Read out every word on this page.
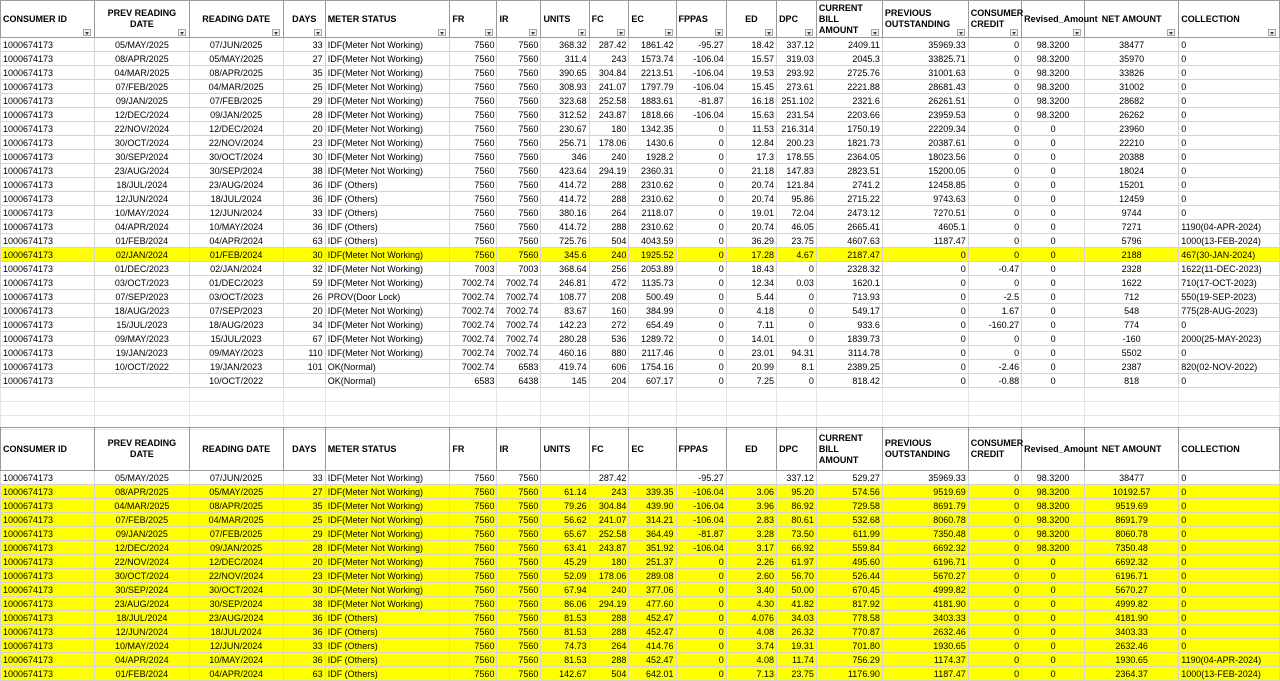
CONSUMER ID	PREV READING DATE	READING DATE	DAYS	METER STATUS	FR	IR	UNITS	FC	EC	FPPAS	ED	DPC	CURRENT BILL AMOUNT	PREVIOUS OUTSTANDING	CONSUMER CREDIT	Revised_Amount	NET AMOUNT	COLLECTION

1000674173	05/MAY/2025	07/JUN/2025	33	IDF(Meter Not Working)	7560	7560	368.32	287.42	1861.42	-95.27	18.42	337.12	2409.11	35969.33	0	98.3200	38477	0
1000674173	08/APR/2025	05/MAY/2025	27	IDF(Meter Not Working)	7560	7560	311.4	243	1573.74	-106.04	15.57	319.03	2045.3	33825.71	0	98.3200	35970	0
1000674173	04/MAR/2025	08/APR/2025	35	IDF(Meter Not Working)	7560	7560	390.65	304.84	2213.51	-106.04	19.53	293.92	2725.76	31001.63	0	98.3200	33826	0
1000674173	07/FEB/2025	04/MAR/2025	25	IDF(Meter Not Working)	7560	7560	308.93	241.07	1797.79	-106.04	15.45	273.61	2221.88	28681.43	0	98.3200	31002	0
1000674173	09/JAN/2025	07/FEB/2025	29	IDF(Meter Not Working)	7560	7560	323.68	252.58	1883.61	-81.87	16.18	251.102	2321.6	26261.51	0	98.3200	28682	0
1000674173	12/DEC/2024	09/JAN/2025	28	IDF(Meter Not Working)	7560	7560	312.52	243.87	1818.66	-106.04	15.63	231.54	2203.66	23959.53	0	98.3200	26262	0
1000674173	22/NOV/2024	12/DEC/2024	20	IDF(Meter Not Working)	7560	7560	230.67	180	1342.35	0	11.53	216.314	1750.19	22209.34	0	0	23960	0
1000674173	30/OCT/2024	22/NOV/2024	23	IDF(Meter Not Working)	7560	7560	256.71	178.06	1430.6	0	12.84	200.23	1821.73	20387.61	0	0	22210	0
1000674173	30/SEP/2024	30/OCT/2024	30	IDF(Meter Not Working)	7560	7560	346	240	1928.2	0	17.3	178.55	2364.05	18023.56	0	0	20388	0
1000674173	23/AUG/2024	30/SEP/2024	38	IDF(Meter Not Working)	7560	7560	423.64	294.19	2360.31	0	21.18	147.83	2823.51	15200.05	0	0	18024	0
1000674173	18/JUL/2024	23/AUG/2024	36	IDF (Others)	7560	7560	414.72	288	2310.62	0	20.74	121.84	2741.2	12458.85	0	0	15201	0
1000674173	12/JUN/2024	18/JUL/2024	36	IDF (Others)	7560	7560	414.72	288	2310.62	0	20.74	95.86	2715.22	9743.63	0	0	12459	0
1000674173	10/MAY/2024	12/JUN/2024	33	IDF (Others)	7560	7560	380.16	264	2118.07	0	19.01	72.04	2473.12	7270.51	0	0	9744	0
1000674173	04/APR/2024	10/MAY/2024	36	IDF (Others)	7560	7560	414.72	288	2310.62	0	20.74	46.05	2665.41	4605.1	0	0	7271	1190(04-APR-2024)
1000674173	01/FEB/2024	04/APR/2024	63	IDF (Others)	7560	7560	725.76	504	4043.59	0	36.29	23.75	4607.63	1187.47	0	0	5796	1000(13-FEB-2024)
1000674173	02/JAN/2024	01/FEB/2024	30	IDF(Meter Not Working)	7560	7560	345.6	240	1925.52	0	17.28	4.67	2187.47	0	0	0	2188	467(30-JAN-2024)
1000674173	01/DEC/2023	02/JAN/2024	32	IDF(Meter Not Working)	7003	7003	368.64	256	2053.89	0	18.43	0	2328.32	0	-0.47	0	2328	1622(11-DEC-2023)
1000674173	03/OCT/2023	01/DEC/2023	59	IDF(Meter Not Working)	7002.74	7002.74	246.81	472	1135.73	0	12.34	0.03	1620.1	0	0	0	1622	710(17-OCT-2023)
1000674173	07/SEP/2023	03/OCT/2023	26	PROV(Door Lock)	7002.74	7002.74	108.77	208	500.49	0	5.44	0	713.93	0	-2.5	0	712	550(19-SEP-2023)
1000674173	18/AUG/2023	07/SEP/2023	20	IDF(Meter Not Working)	7002.74	7002.74	83.67	160	384.99	0	4.18	0	549.17	0	1.67	0	548	775(28-AUG-2023)
1000674173	15/JUL/2023	18/AUG/2023	34	IDF(Meter Not Working)	7002.74	7002.74	142.23	272	654.49	0	7.11	0	933.6	0	-160.27	0	774	0
1000674173	09/MAY/2023	15/JUL/2023	67	IDF(Meter Not Working)	7002.74	7002.74	280.28	536	1289.72	0	14.01	0	1839.73	0	0	0	-160	2000(25-MAY-2023)
1000674173	19/JAN/2023	09/MAY/2023	110	IDF(Meter Not Working)	7002.74	7002.74	460.16	880	2117.46	0	23.01	94.31	3114.78	0	0	0	5502	0
1000674173	10/OCT/2022	19/JAN/2023	101	OK(Normal)	7002.74	6583	419.74	606	1754.16	0	20.99	8.1	2389.25	0	-2.46	0	2387	820(02-NOV-2022)
1000674173		10/OCT/2022		OK(Normal)	6583	6438	145	204	607.17	0	7.25	0	818.42	0	-0.88	0	818	0

CONSUMER ID	PREV READING DATE	READING DATE	DAYS	METER STATUS	FR	IR	UNITS	FC	EC	FPPAS	ED	DPC	CURRENT BILL AMOUNT	PREVIOUS OUTSTANDING	CONSUMER CREDIT	Revised_Amount	NET AMOUNT	COLLECTION

1000674173	05/MAY/2025	07/JUN/2025	33	IDF(Meter Not Working)	7560	7560		287.42		-95.27		337.12	529.27	35969.33	0	98.3200	38477	0
1000674173	08/APR/2025	05/MAY/2025	27	IDF(Meter Not Working)	7560	7560	61.14	243	339.35	-106.04	3.06	95.20	574.56	9519.69	0	98.3200	10192.57	0
1000674173	04/MAR/2025	08/APR/2025	35	IDF(Meter Not Working)	7560	7560	79.26	304.84	439.90	-106.04	3.96	86.92	729.58	8691.79	0	98.3200	9519.69	0
1000674173	07/FEB/2025	04/MAR/2025	25	IDF(Meter Not Working)	7560	7560	56.62	241.07	314.21	-106.04	2.83	80.61	532.68	8060.78	0	98.3200	8691.79	0
1000674173	09/JAN/2025	07/FEB/2025	29	IDF(Meter Not Working)	7560	7560	65.67	252.58	364.49	-81.87	3.28	73.50	611.99	7350.48	0	98.3200	8060.78	0
1000674173	12/DEC/2024	09/JAN/2025	28	IDF(Meter Not Working)	7560	7560	63.41	243.87	351.92	-106.04	3.17	66.92	559.84	6692.32	0	98.3200	7350.48	0
1000674173	22/NOV/2024	12/DEC/2024	20	IDF(Meter Not Working)	7560	7560	45.29	180	251.37	0	2.26	61.97	495.60	6196.71	0	0	6692.32	0
1000674173	30/OCT/2024	22/NOV/2024	23	IDF(Meter Not Working)	7560	7560	52.09	178.06	289.08	0	2.60	56.70	526.44	5670.27	0	0	6196.71	0
1000674173	30/SEP/2024	30/OCT/2024	30	IDF(Meter Not Working)	7560	7560	67.94	240	377.06	0	3.40	50.00	670.45	4999.82	0	0	5670.27	0
1000674173	23/AUG/2024	30/SEP/2024	38	IDF(Meter Not Working)	7560	7560	86.06	294.19	477.60	0	4.30	41.82	817.92	4181.90	0	0	4999.82	0
1000674173	18/JUL/2024	23/AUG/2024	36	IDF (Others)	7560	7560	81.53	288	452.47	0	4.076	34.03	778.58	3403.33	0	0	4181.90	0
1000674173	12/JUN/2024	18/JUL/2024	36	IDF (Others)	7560	7560	81.53	288	452.47	0	4.08	26.32	770.87	2632.46	0	0	3403.33	0
1000674173	10/MAY/2024	12/JUN/2024	33	IDF (Others)	7560	7560	74.73	264	414.76	0	3.74	19.31	701.80	1930.65	0	0	2632.46	0
1000674173	04/APR/2024	10/MAY/2024	36	IDF (Others)	7560	7560	81.53	288	452.47	0	4.08	11.74	756.29	1174.37	0	0	1930.65	1190(04-APR-2024)
1000674173	01/FEB/2024	04/APR/2024	63	IDF (Others)	7560	7560	142.67	504	642.01	0	7.13	23.75	1176.90	1187.47	0	0	2364.37	1000(13-FEB-2024)
